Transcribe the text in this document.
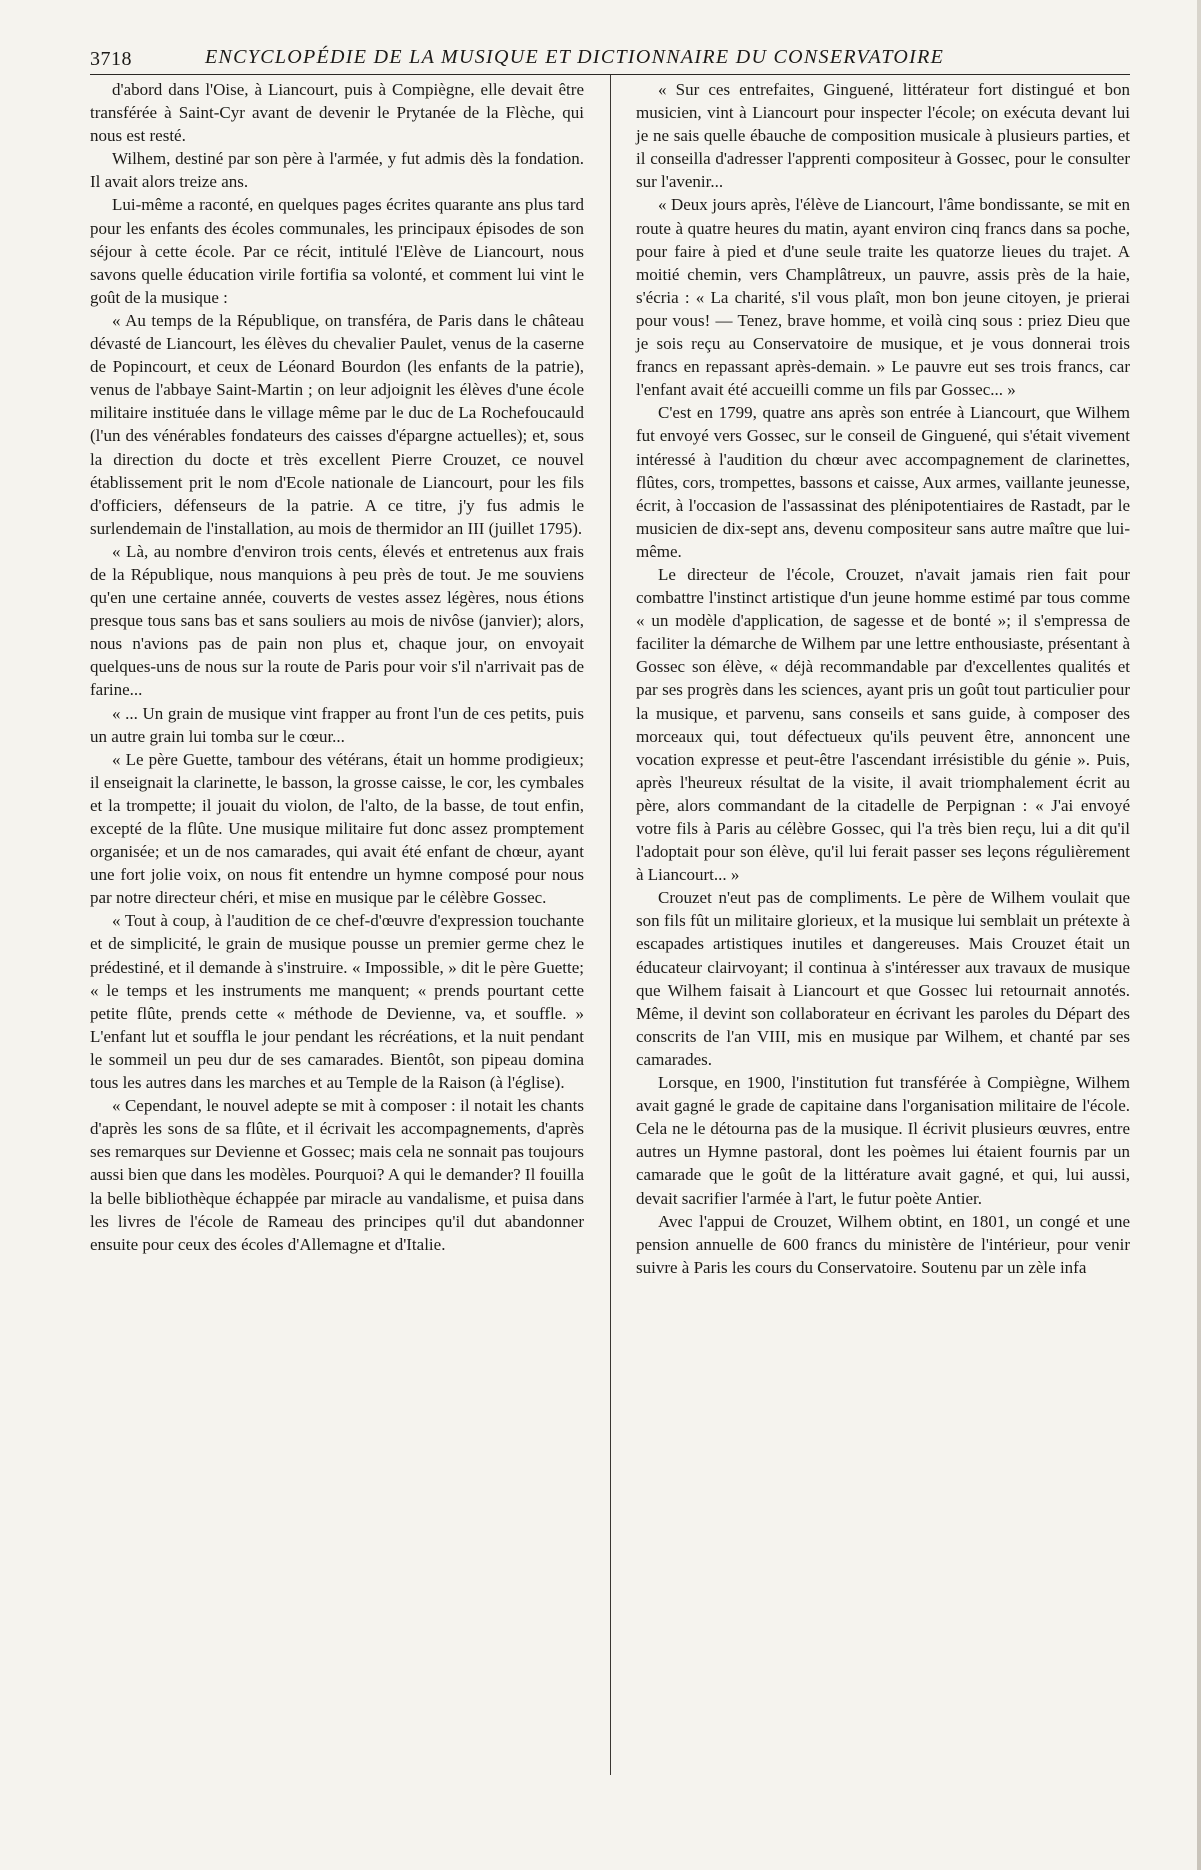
3718	ENCYCLOPÉDIE DE LA MUSIQUE ET DICTIONNAIRE DU CONSERVATOIRE

d'abord dans l'Oise, à Liancourt, puis à Compiègne, elle devait être transférée à Saint-Cyr avant de devenir le Prytanée de la Flèche, qui nous est resté.

Wilhem, destiné par son père à l'armée, y fut admis dès la fondation. Il avait alors treize ans.

Lui-même a raconté, en quelques pages écrites quarante ans plus tard pour les enfants des écoles communales, les principaux épisodes de son séjour à cette école. Par ce récit, intitulé l'Elève de Liancourt, nous savons quelle éducation virile fortifia sa volonté, et comment lui vint le goût de la musique :

« Au temps de la République, on transféra, de Paris dans le château dévasté de Liancourt, les élèves du chevalier Paulet, venus de la caserne de Popincourt, et ceux de Léonard Bourdon (les enfants de la patrie), venus de l'abbaye Saint-Martin ; on leur adjoignit les élèves d'une école militaire instituée dans le village même par le duc de La Rochefoucauld (l'un des vénérables fondateurs des caisses d'épargne actuelles); et, sous la direction du docte et très excellent Pierre Crouzet, ce nouvel établissement prit le nom d'Ecole nationale de Liancourt, pour les fils d'officiers, défenseurs de la patrie. A ce titre, j'y fus admis le surlendemain de l'installation, au mois de thermidor an III (juillet 1795).

« Là, au nombre d'environ trois cents, élevés et entretenus aux frais de la République, nous manquions à peu près de tout. Je me souviens qu'en une certaine année, couverts de vestes assez légères, nous étions presque tous sans bas et sans souliers au mois de nivôse (janvier); alors, nous n'avions pas de pain non plus et, chaque jour, on envoyait quelques-uns de nous sur la route de Paris pour voir s'il n'arrivait pas de farine...

« ... Un grain de musique vint frapper au front l'un de ces petits, puis un autre grain lui tomba sur le cœur...

« Le père Guette, tambour des vétérans, était un homme prodigieux; il enseignait la clarinette, le basson, la grosse caisse, le cor, les cymbales et la trompette; il jouait du violon, de l'alto, de la basse, de tout enfin, excepté de la flûte. Une musique militaire fut donc assez promptement organisée; et un de nos camarades, qui avait été enfant de chœur, ayant une fort jolie voix, on nous fit entendre un hymne composé pour nous par notre directeur chéri, et mise en musique par le célèbre Gossec.

« Tout à coup, à l'audition de ce chef-d'œuvre d'expression touchante et de simplicité, le grain de musique pousse un premier germe chez le prédestiné, et il demande à s'instruire. « Impossible, » dit le père Guette; « le temps et les instruments me manquent; « prends pourtant cette petite flûte, prends cette « méthode de Devienne, va, et souffle. » L'enfant lut et souffla le jour pendant les récréations, et la nuit pendant le sommeil un peu dur de ses camarades. Bientôt, son pipeau domina tous les autres dans les marches et au Temple de la Raison (à l'église).

« Cependant, le nouvel adepte se mit à composer : il notait les chants d'après les sons de sa flûte, et il écrivait les accompagnements, d'après ses remarques sur Devienne et Gossec; mais cela ne sonnait pas toujours aussi bien que dans les modèles. Pourquoi? A qui le demander? Il fouilla la belle bibliothèque échappée par miracle au vandalisme, et puisa dans les livres de l'école de Rameau des principes qu'il dut abandonner ensuite pour ceux des écoles d'Allemagne et d'Italie.

« Sur ces entrefaites, Ginguené, littérateur fort distingué et bon musicien, vint à Liancourt pour inspecter l'école; on exécuta devant lui je ne sais quelle ébauche de composition musicale à plusieurs parties, et il conseilla d'adresser l'apprenti compositeur à Gossec, pour le consulter sur l'avenir...

« Deux jours après, l'élève de Liancourt, l'âme bondissante, se mit en route à quatre heures du matin, ayant environ cinq francs dans sa poche, pour faire à pied et d'une seule traite les quatorze lieues du trajet. A moitié chemin, vers Champlâtreux, un pauvre, assis près de la haie, s'écria : « La charité, s'il vous plaît, mon bon jeune citoyen, je prierai pour vous! — Tenez, brave homme, et voilà cinq sous : priez Dieu que je sois reçu au Conservatoire de musique, et je vous donnerai trois francs en repassant après-demain. » Le pauvre eut ses trois francs, car l'enfant avait été accueilli comme un fils par Gossec... »

C'est en 1799, quatre ans après son entrée à Liancourt, que Wilhem fut envoyé vers Gossec, sur le conseil de Ginguené, qui s'était vivement intéressé à l'audition du chœur avec accompagnement de clarinettes, flûtes, cors, trompettes, bassons et caisse, Aux armes, vaillante jeunesse, écrit, à l'occasion de l'assassinat des plénipotentiaires de Rastadt, par le musicien de dix-sept ans, devenu compositeur sans autre maître que lui-même.

Le directeur de l'école, Crouzet, n'avait jamais rien fait pour combattre l'instinct artistique d'un jeune homme estimé par tous comme « un modèle d'application, de sagesse et de bonté »; il s'empressa de faciliter la démarche de Wilhem par une lettre enthousiaste, présentant à Gossec son élève, « déjà recommandable par d'excellentes qualités et par ses progrès dans les sciences, ayant pris un goût tout particulier pour la musique, et parvenu, sans conseils et sans guide, à composer des morceaux qui, tout défectueux qu'ils peuvent être, annoncent une vocation expresse et peut-être l'ascendant irrésistible du génie ». Puis, après l'heureux résultat de la visite, il avait triomphalement écrit au père, alors commandant de la citadelle de Perpignan : « J'ai envoyé votre fils à Paris au célèbre Gossec, qui l'a très bien reçu, lui a dit qu'il l'adoptait pour son élève, qu'il lui ferait passer ses leçons régulièrement à Liancourt... »

Crouzet n'eut pas de compliments. Le père de Wilhem voulait que son fils fût un militaire glorieux, et la musique lui semblait un prétexte à escapades artistiques inutiles et dangereuses. Mais Crouzet était un éducateur clairvoyant; il continua à s'intéresser aux travaux de musique que Wilhem faisait à Liancourt et que Gossec lui retournait annotés. Même, il devint son collaborateur en écrivant les paroles du Départ des conscrits de l'an VIII, mis en musique par Wilhem, et chanté par ses camarades.

Lorsque, en 1900, l'institution fut transférée à Compiègne, Wilhem avait gagné le grade de capitaine dans l'organisation militaire de l'école. Cela ne le détourna pas de la musique. Il écrivit plusieurs œuvres, entre autres un Hymne pastoral, dont les poèmes lui étaient fournis par un camarade que le goût de la littérature avait gagné, et qui, lui aussi, devait sacrifier l'armée à l'art, le futur poète Antier.

Avec l'appui de Crouzet, Wilhem obtint, en 1801, un congé et une pension annuelle de 600 francs du ministère de l'intérieur, pour venir suivre à Paris les cours du Conservatoire. Soutenu par un zèle infa
